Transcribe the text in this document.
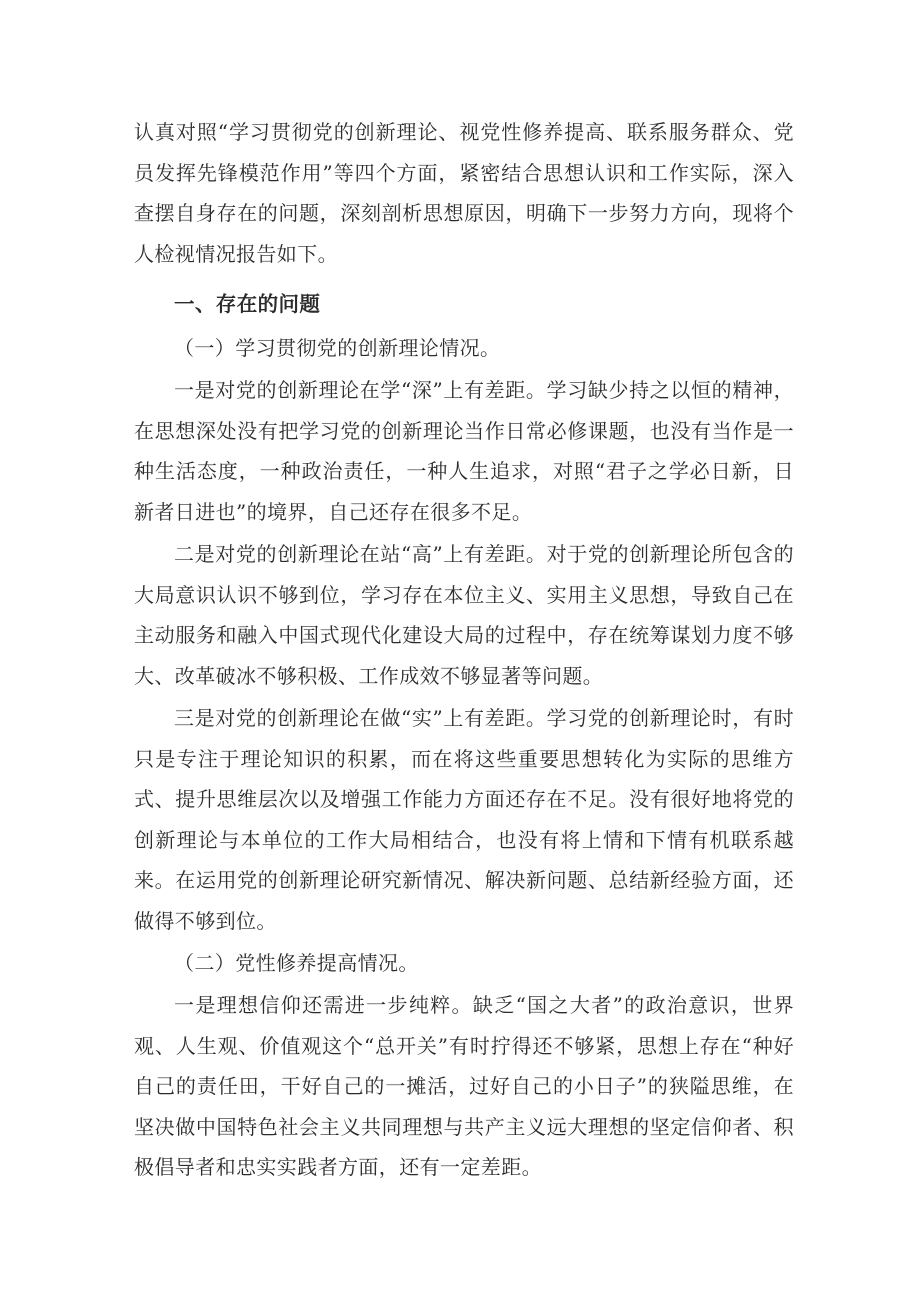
认真对照“学习贯彻党的创新理论、视党性修养提高、联系服务群众、党员发挥先锋模范作用”等四个方面，紧密结合思想认识和工作实际，深入查摆自身存在的问题，深刻剖析思想原因，明确下一步努力方向，现将个人检视情况报告如下。

一、存在的问题

（一）学习贯彻党的创新理论情况。

一是对党的创新理论在学“深”上有差距。学习缺少持之以恒的精神，在思想深处没有把学习党的创新理论当作日常必修课题，也没有当作是一种生活态度，一种政治责任，一种人生追求，对照“君子之学必日新，日新者日进也”的境界，自己还存在很多不足。

二是对党的创新理论在站“高”上有差距。对于党的创新理论所包含的大局意识认识不够到位，学习存在本位主义、实用主义思想，导致自己在主动服务和融入中国式现代化建设大局的过程中，存在统筹谋划力度不够大、改革破冰不够积极、工作成效不够显著等问题。

三是对党的创新理论在做“实”上有差距。学习党的创新理论时，有时只是专注于理论知识的积累，而在将这些重要思想转化为实际的思维方式、提升思维层次以及增强工作能力方面还存在不足。没有很好地将党的创新理论与本单位的工作大局相结合，也没有将上情和下情有机联系越来。在运用党的创新理论研究新情况、解决新问题、总结新经验方面，还做得不够到位。

（二）党性修养提高情况。

一是理想信仰还需进一步纯粹。缺乏“国之大者”的政治意识，世界观、人生观、价值观这个“总开关”有时拧得还不够紧，思想上存在“种好自己的责任田，干好自己的一摊活，过好自己的小日子”的狭隘思维，在坚决做中国特色社会主义共同理想与共产主义远大理想的坚定信仰者、积极倡导者和忠实实践者方面，还有一定差距。
